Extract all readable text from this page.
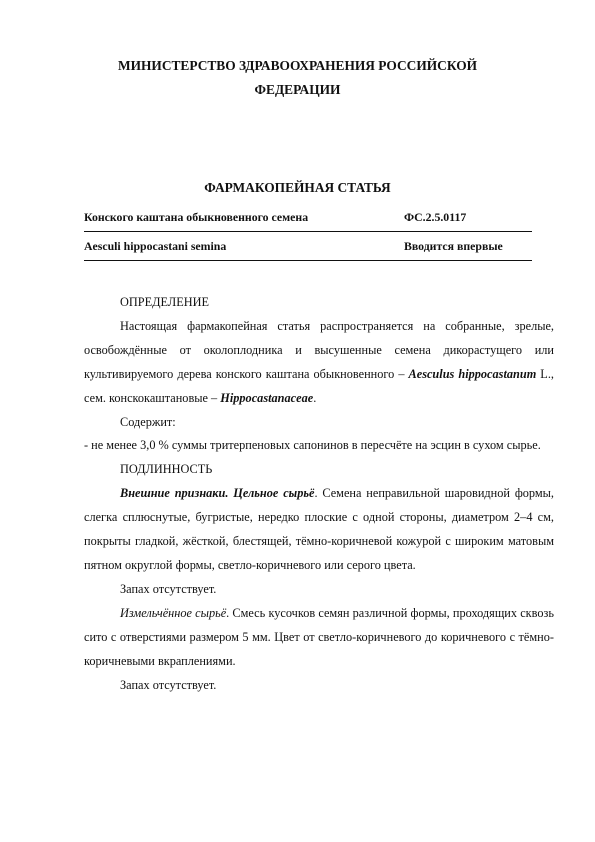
МИНИСТЕРСТВО ЗДРАВООХРАНЕНИЯ РОССИЙСКОЙ
ФЕДЕРАЦИИ
ФАРМАКОПЕЙНАЯ СТАТЬЯ
Конского каштана обыкновенного семена	ФС.2.5.0117
Aesculi hippocastani semina	Вводится впервые

ОПРЕДЕЛЕНИЕ

Настоящая фармакопейная статья распространяется на собранные, зрелые, освобождённые от околоплодника и высушенные семена дикорастущего или культивируемого дерева конского каштана обыкновенного – Aesculus hippocastanum L., сем. конскокаштановые – Hippocastanaceae.

Содержит:

- не менее 3,0 % суммы тритерпеновых сапонинов в пересчёте на эсцин в сухом сырье.

ПОДЛИННОСТЬ

Внешние признаки. Цельное сырьё. Семена неправильной шаровидной формы, слегка сплюснутые, бугристые, нередко плоские с одной стороны, диаметром 2–4 см, покрыты гладкой, жёсткой, блестящей, тёмно-коричневой кожурой с широким матовым пятном округлой формы, светло-коричневого или серого цвета.

Запах отсутствует.

Измельчённое сырьё. Смесь кусочков семян различной формы, проходящих сквозь сито с отверстиями размером 5 мм. Цвет от светло-коричневого до коричневого с тёмно-коричневыми вкраплениями.

Запах отсутствует.
